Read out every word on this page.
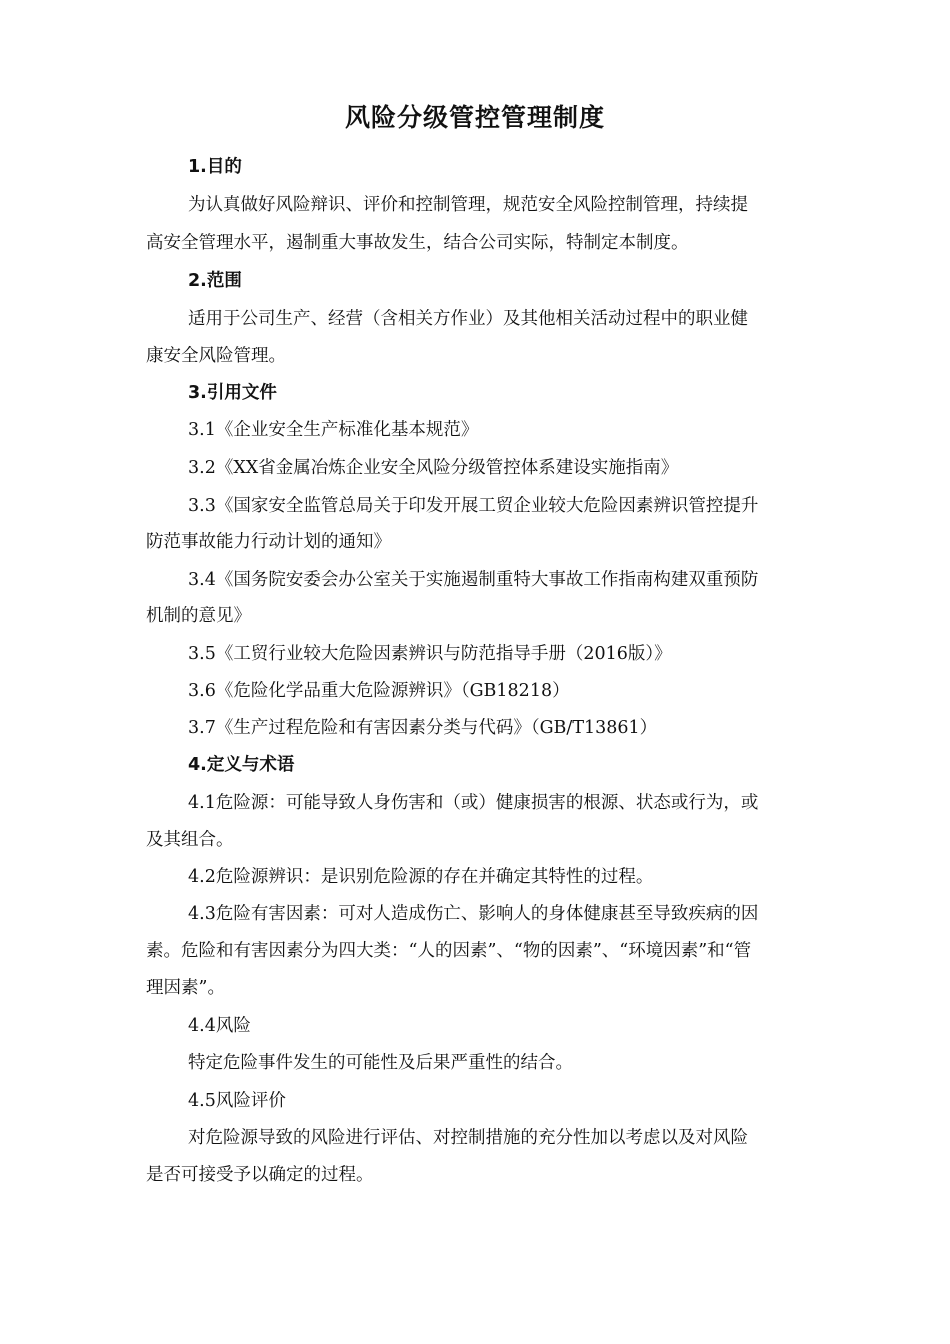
风险分级管控管理制度
1.目的
为认真做好风险辩识、评价和控制管理，规范安全风险控制管理，持续提
高安全管理水平，遏制重大事故发生，结合公司实际，特制定本制度。
2.范围
适用于公司生产、经营（含相关方作业）及其他相关活动过程中的职业健
康安全风险管理。
3.引用文件
3.1《企业安全生产标准化基本规范》
3.2《XX省金属冶炼企业安全风险分级管控体系建设实施指南》
3.3《国家安全监管总局关于印发开展工贸企业较大危险因素辨识管控提升
防范事故能力行动计划的通知》
3.4《国务院安委会办公室关于实施遏制重特大事故工作指南构建双重预防
机制的意见》
3.5《工贸行业较大危险因素辨识与防范指导手册（2016版）》
3.6《危险化学品重大危险源辨识》（GB18218）
3.7《生产过程危险和有害因素分类与代码》（GB/T13861）
4.定义与术语
4.1危险源：可能导致人身伤害和（或）健康损害的根源、状态或行为，或
及其组合。
4.2危险源辨识：是识别危险源的存在并确定其特性的过程。
4.3危险有害因素：可对人造成伤亡、影响人的身体健康甚至导致疾病的因
素。危险和有害因素分为四大类：“人的因素”、“物的因素”、“环境因素”和“管
理因素”。
4.4风险
特定危险事件发生的可能性及后果严重性的结合。
4.5风险评价
对危险源导致的风险进行评估、对控制措施的充分性加以考虑以及对风险
是否可接受予以确定的过程。
